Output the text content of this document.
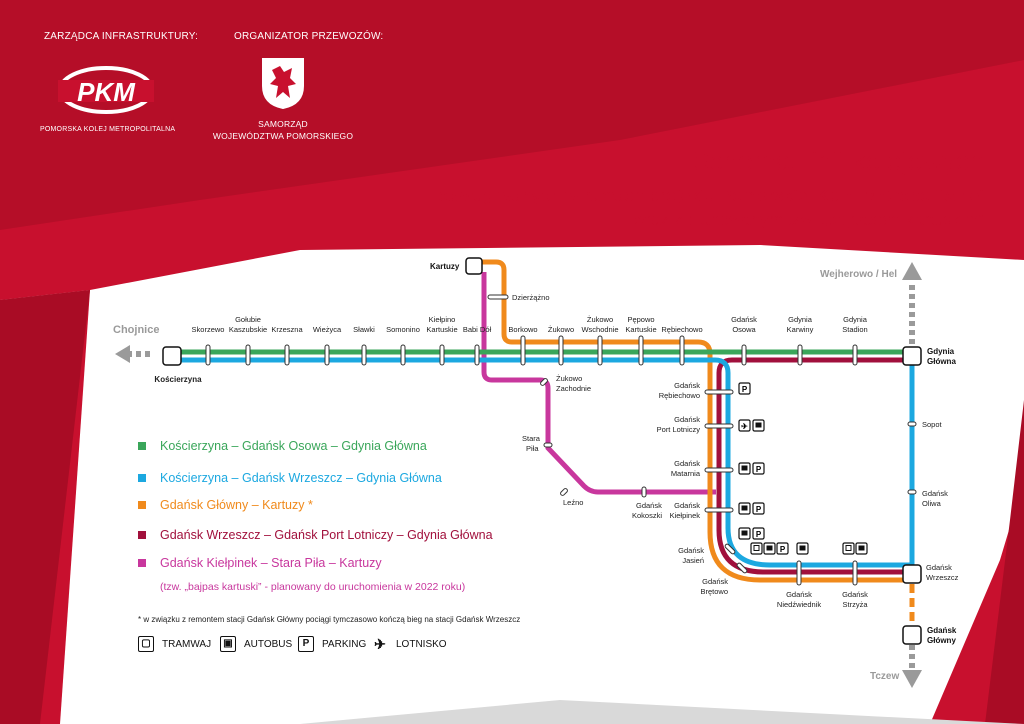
ZARZĄDCA INFRASTRUKTURY:	ORGANIZATOR PRZEWOZÓW:
PKM
POMORSKA KOLEJ METROPOLITALNA
SAMORZĄD
WOJEWÓDZTWA POMORSKIEGO
Schemat linii kolejowych
obsługiwanych w ramach projektu Pomorskiej Kolei Metropolitalnej
wraz z planowanym tzw. „bajpasem kartuskim”
Chojnice
Wejherowo / Hel
Tczew
Kościerzyna
Skorzewo
Gołubie
Kaszubskie Krzeszna Wieżyca Sławki Somonino
Kiełpino
Kartuskie Babi Dół Borkowo Żukowo
Żukowo
Wschodnie
Pępowo
Kartuskie Rębiechowo
Gdańsk
Osowa
Gdynia
Karwiny
Gdynia
Stadion
Gdynia
Główna
Kartuzy
Gdańsk
Główny
Dzierżążno
Żukowo
Zachodnie
Stara
Piła
Leźno	Gdańsk
Kokoszki
Sopot
Gdańsk
Oliwa
Gdańsk
Wrzeszcz
Gdańsk
Rębiechowo
Gdańsk
Port Lotniczy
Gdańsk
Matarnia
Gdańsk
Kiełpinek
Gdańsk
Jasień
Gdańsk
Brętowo	Gdańsk
Niedźwiednik
Gdańsk
Strzyża
P
✈
P
P
P
P
Kościerzyna – Gdańsk Osowa – Gdynia Główna
Kościerzyna – Gdańsk Wrzeszcz – Gdynia Główna
Gdańsk Główny – Kartuzy *
Gdańsk Wrzeszcz – Gdańsk Port Lotniczy – Gdynia Główna
Gdańsk Kiełpinek – Stara Piła – Kartuzy
(tzw. „bajpas kartuski” - planowany do uruchomienia w 2022 roku)
* w związku z remontem stacji Gdańsk Główny pociągi tymczasowo kończą bieg na stacji Gdańsk Wrzeszcz
▢	TRAMWAJ	▣	AUTOBUS	P	PARKING ✈ LOTNISKO
